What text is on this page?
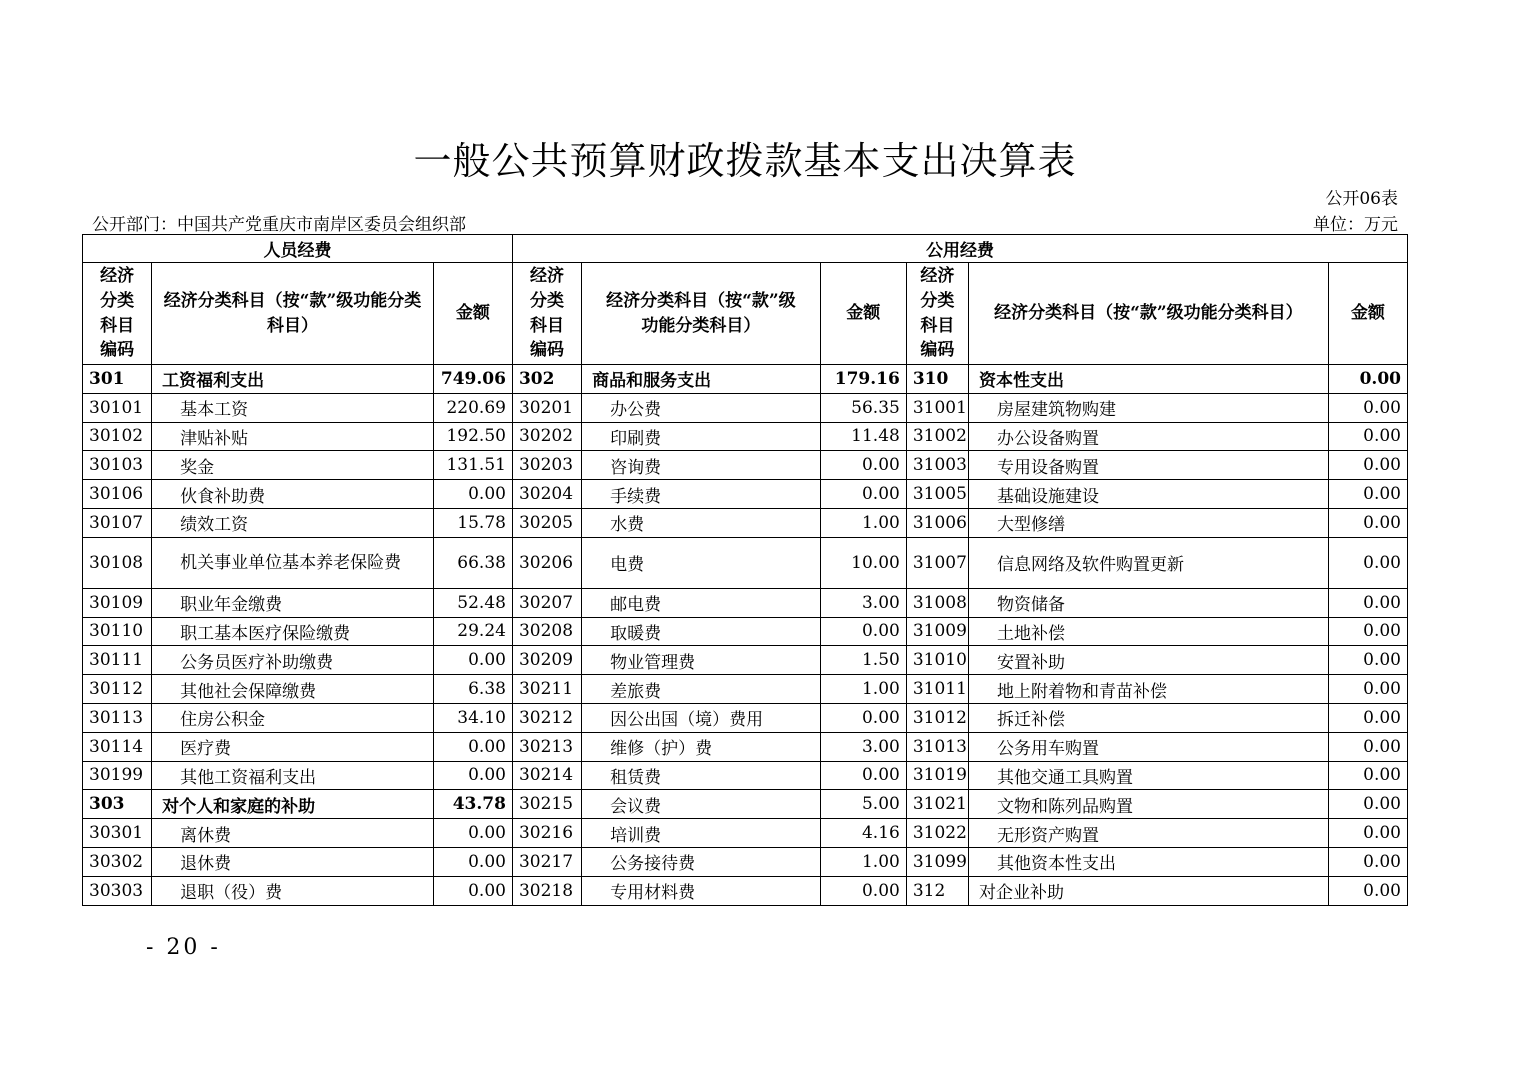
一般公共预算财政拨款基本支出决算表
公开06表
公开部门：中国共产党重庆市南岸区委员会组织部	单位：万元
人员经费			公用经费					
经济分类科目编码	经济分类科目（按“款”级功能分类科目）	金额	经济分类科目编码	经济分类科目（按“款”级功能分类科目）	金额	经济分类科目编码	经济分类科目（按“款”级功能分类科目）	金额
301	工资福利支出	749.06	302	商品和服务支出	179.16	310	资本性支出	0.00
30101	基本工资	220.69	30201	办公费	56.35	31001	房屋建筑物购建	0.00
30102	津贴补贴	192.50	30202	印刷费	11.48	31002	办公设备购置	0.00
30103	奖金	131.51	30203	咨询费	0.00	31003	专用设备购置	0.00
30106	伙食补助费	0.00	30204	手续费	0.00	31005	基础设施建设	0.00
30107	绩效工资	15.78	30205	水费	1.00	31006	大型修缮	0.00
30108	机关事业单位基本养老保险费	66.38	30206	电费	10.00	31007	信息网络及软件购置更新	0.00
30109	职业年金缴费	52.48	30207	邮电费	3.00	31008	物资储备	0.00
30110	职工基本医疗保险缴费	29.24	30208	取暖费	0.00	31009	土地补偿	0.00
30111	公务员医疗补助缴费	0.00	30209	物业管理费	1.50	31010	安置补助	0.00
30112	其他社会保障缴费	6.38	30211	差旅费	1.00	31011	地上附着物和青苗补偿	0.00
30113	住房公积金	34.10	30212	因公出国（境）费用	0.00	31012	拆迁补偿	0.00
30114	医疗费	0.00	30213	维修（护）费	3.00	31013	公务用车购置	0.00
30199	其他工资福利支出	0.00	30214	租赁费	0.00	31019	其他交通工具购置	0.00
303	对个人和家庭的补助	43.78	30215	会议费	5.00	31021	文物和陈列品购置	0.00
30301	离休费	0.00	30216	培训费	4.16	31022	无形资产购置	0.00
30302	退休费	0.00	30217	公务接待费	1.00	31099	其他资本性支出	0.00
30303	退职（役）费	0.00	30218	专用材料费	0.00	312	对企业补助	0.00
- 20 -
